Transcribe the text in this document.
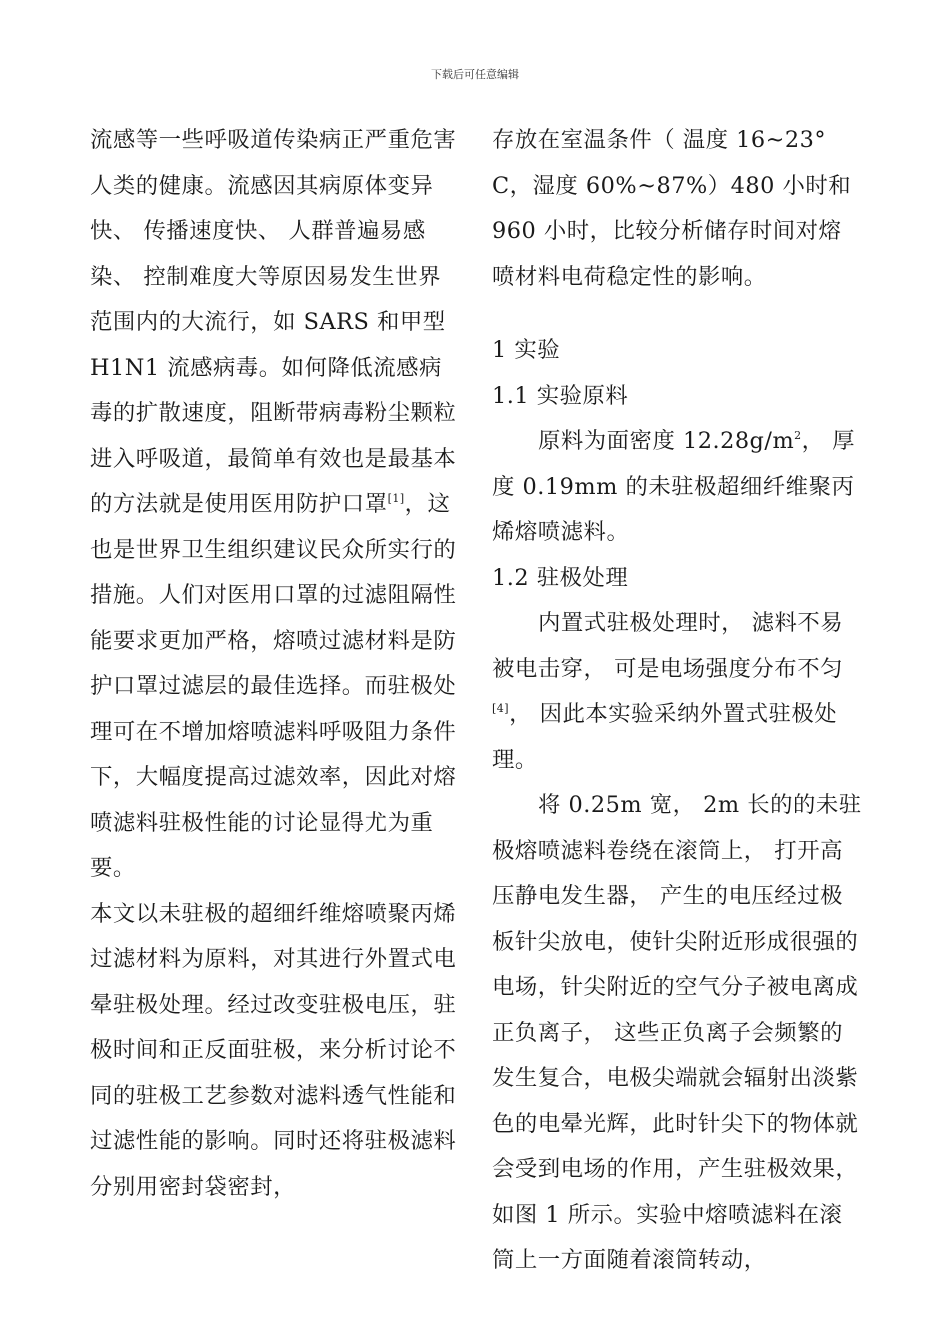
下载后可任意编辑

流感等一些呼吸道传染病正严重危害人类的健康。流感因其病原体变异快、 传播速度快、 人群普遍易感染、 控制难度大等原因易发生世界范围内的大流行，如 SARS 和甲型 H1N1 流感病毒。如何降低流感病毒的扩散速度，阻断带病毒粉尘颗粒进入呼吸道，最简单有效也是最基本的方法就是使用医用防护口罩[1]，这也是世界卫生组织建议民众所实行的措施。人们对医用口罩的过滤阻隔性能要求更加严格，熔喷过滤材料是防护口罩过滤层的最佳选择。而驻极处理可在不增加熔喷滤料呼吸阻力条件下，大幅度提高过滤效率，因此对熔喷滤料驻极性能的讨论显得尤为重要。

本文以未驻极的超细纤维熔喷聚丙烯过滤材料为原料，对其进行外置式电晕驻极处理。经过改变驻极电压，驻极时间和正反面驻极，来分析讨论不同的驻极工艺参数对滤料透气性能和过滤性能的影响。同时还将驻极滤料分别用密封袋密封，

存放在室温条件（ 温度 16~23° C，湿度 60%~87%）480 小时和 960 小时，比较分析储存时间对熔喷材料电荷稳定性的影响。

1 实验

1.1 实验原料

原料为面密度 $12.28g/m^2$， 厚度 0.19mm 的未驻极超细纤维聚丙烯熔喷滤料。

1.2 驻极处理

内置式驻极处理时， 滤料不易被电击穿， 可是电场强度分布不匀[4]， 因此本实验采纳外置式驻极处理。

将 0.25m 宽， 2m 长的的未驻极熔喷滤料卷绕在滚筒上， 打开高压静电发生器， 产生的电压经过极板针尖放电，使针尖附近形成很强的电场，针尖附近的空气分子被电离成正负离子， 这些正负离子会频繁的发生复合，电极尖端就会辐射出淡紫色的电晕光辉，此时针尖下的物体就会受到电场的作用，产生驻极效果， 如图 1 所示。实验中熔喷滤料在滚筒上一方面随着滚筒转动，
